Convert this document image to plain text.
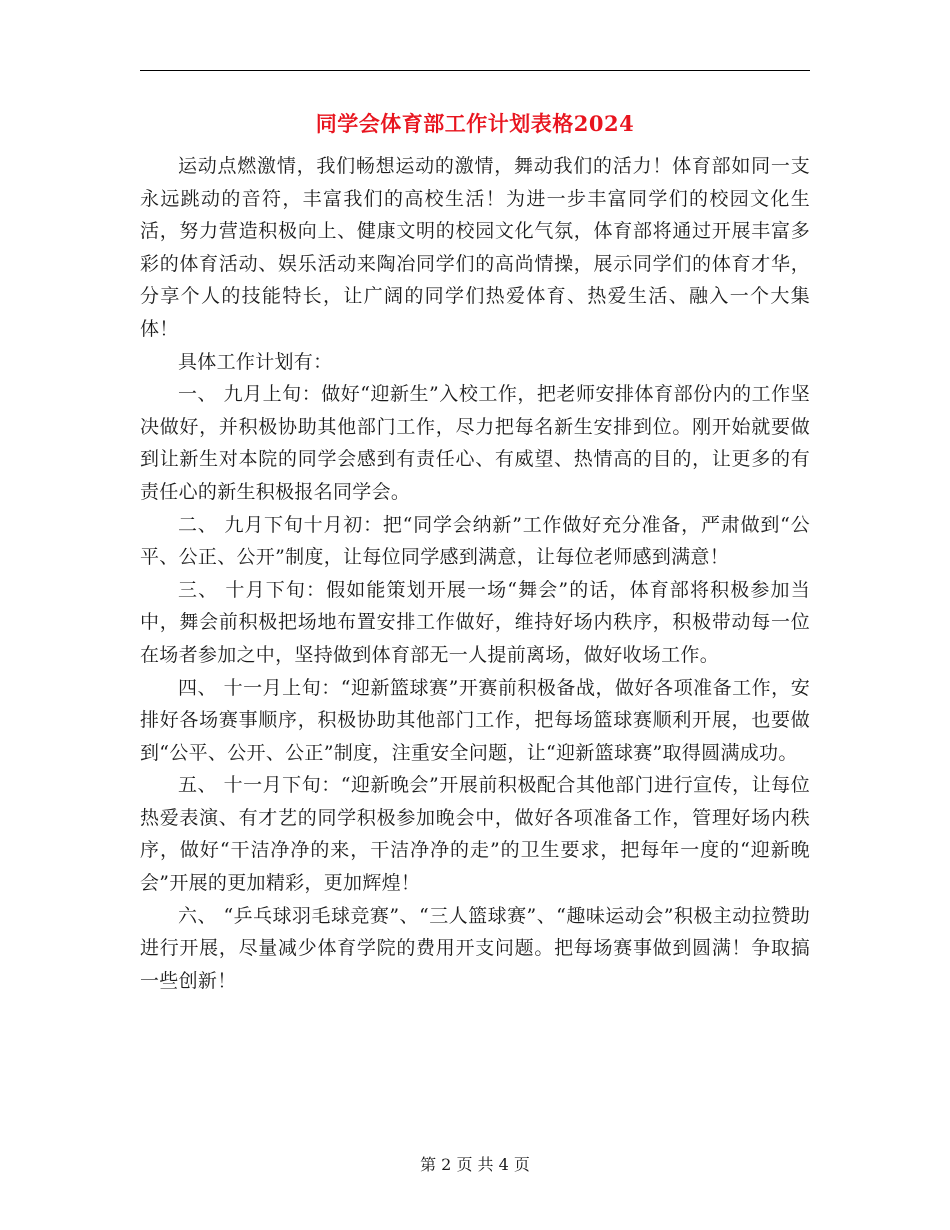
同学会体育部工作计划表格2024

运动点燃激情，我们畅想运动的激情，舞动我们的活力！体育部如同一支永远跳动的音符，丰富我们的高校生活！为进一步丰富同学们的校园文化生活，努力营造积极向上、健康文明的校园文化气氛，体育部将通过开展丰富多彩的体育活动、娱乐活动来陶冶同学们的高尚情操，展示同学们的体育才华，分享个人的技能特长，让广阔的同学们热爱体育、热爱生活、融入一个大集体！

具体工作计划有：

一、 九月上旬：做好“迎新生”入校工作，把老师安排体育部份内的工作坚决做好，并积极协助其他部门工作，尽力把每名新生安排到位。刚开始就要做到让新生对本院的同学会感到有责任心、有威望、热情高的目的，让更多的有责任心的新生积极报名同学会。

二、 九月下旬十月初：把“同学会纳新”工作做好充分准备，严肃做到“公平、公正、公开”制度，让每位同学感到满意，让每位老师感到满意！

三、 十月下旬：假如能策划开展一场“舞会”的话，体育部将积极参加当中，舞会前积极把场地布置安排工作做好，维持好场内秩序，积极带动每一位在场者参加之中，坚持做到体育部无一人提前离场，做好收场工作。

四、 十一月上旬：“迎新篮球赛”开赛前积极备战，做好各项准备工作，安排好各场赛事顺序，积极协助其他部门工作，把每场篮球赛顺利开展，也要做到“公平、公开、公正”制度，注重安全问题，让“迎新篮球赛”取得圆满成功。

五、 十一月下旬：“迎新晚会”开展前积极配合其他部门进行宣传，让每位热爱表演、有才艺的同学积极参加晚会中，做好各项准备工作，管理好场内秩序，做好“干洁净净的来，干洁净净的走”的卫生要求，把每年一度的“迎新晚会”开展的更加精彩，更加辉煌！

六、 “乒乓球羽毛球竞赛”、“三人篮球赛”、“趣味运动会”积极主动拉赞助进行开展，尽量减少体育学院的费用开支问题。把每场赛事做到圆满！争取搞一些创新！

第 2 页 共 4 页
